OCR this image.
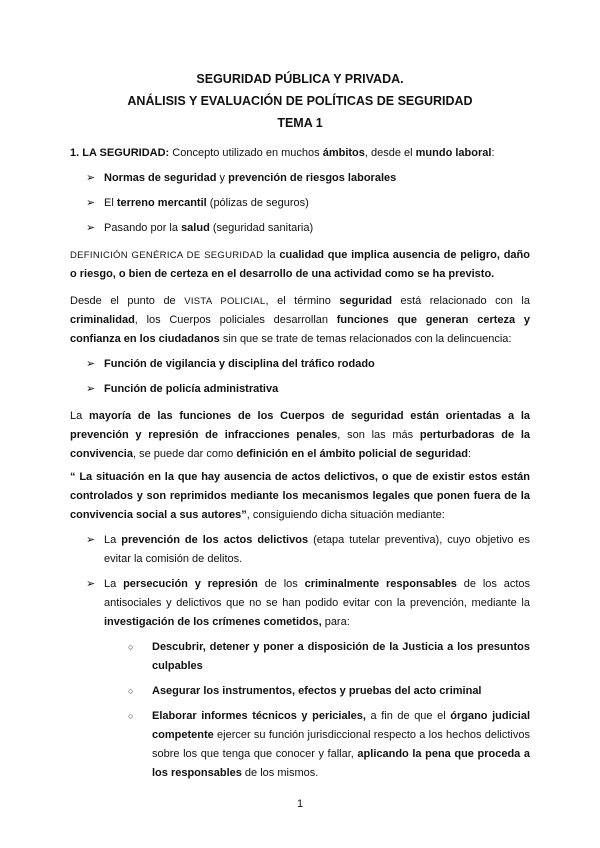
SEGURIDAD PÚBLICA Y PRIVADA.
ANÁLISIS Y EVALUACIÓN DE POLÍTICAS DE SEGURIDAD
TEMA 1

1. LA SEGURIDAD: Concepto utilizado en muchos ámbitos, desde el mundo laboral:

➢ Normas de seguridad y prevención de riesgos laborales
➢ El terreno mercantil (pólizas de seguros)
➢ Pasando por la salud (seguridad sanitaria)

DEFINICIÓN GENÉRICA DE SEGURIDAD la cualidad que implica ausencia de peligro, daño o riesgo, o bien de certeza en el desarrollo de una actividad como se ha previsto.

Desde el punto de VISTA POLICIAL, el término seguridad está relacionado con la criminalidad, los Cuerpos policiales desarrollan funciones que generan certeza y confianza en los ciudadanos sin que se trate de temas relacionados con la delincuencia:

➢ Función de vigilancia y disciplina del tráfico rodado
➢ Función de policía administrativa

La mayoría de las funciones de los Cuerpos de seguridad están orientadas a la prevención y represión de infracciones penales, son las más perturbadoras de la convivencia, se puede dar como definición en el ámbito policial de seguridad:

“ La situación en la que hay ausencia de actos delictivos, o que de existir estos están controlados y son reprimidos mediante los mecanismos legales que ponen fuera de la convivencia social a sus autores”, consiguiendo dicha situación mediante:

➢ La prevención de los actos delictivos (etapa tutelar preventiva), cuyo objetivo es evitar la comisión de delitos.
➢ La persecución y represión de los criminalmente responsables de los actos antisociales y delictivos que no se han podido evitar con la prevención, mediante la investigación de los crímenes cometidos, para:
○ Descubrir, detener y poner a disposición de la Justicia a los presuntos culpables
○ Asegurar los instrumentos, efectos y pruebas del acto criminal
○ Elaborar informes técnicos y periciales, a fin de que el órgano judicial competente ejercer su función jurisdiccional respecto a los hechos delictivos sobre los que tenga que conocer y fallar, aplicando la pena que proceda a los responsables de los mismos.
1
